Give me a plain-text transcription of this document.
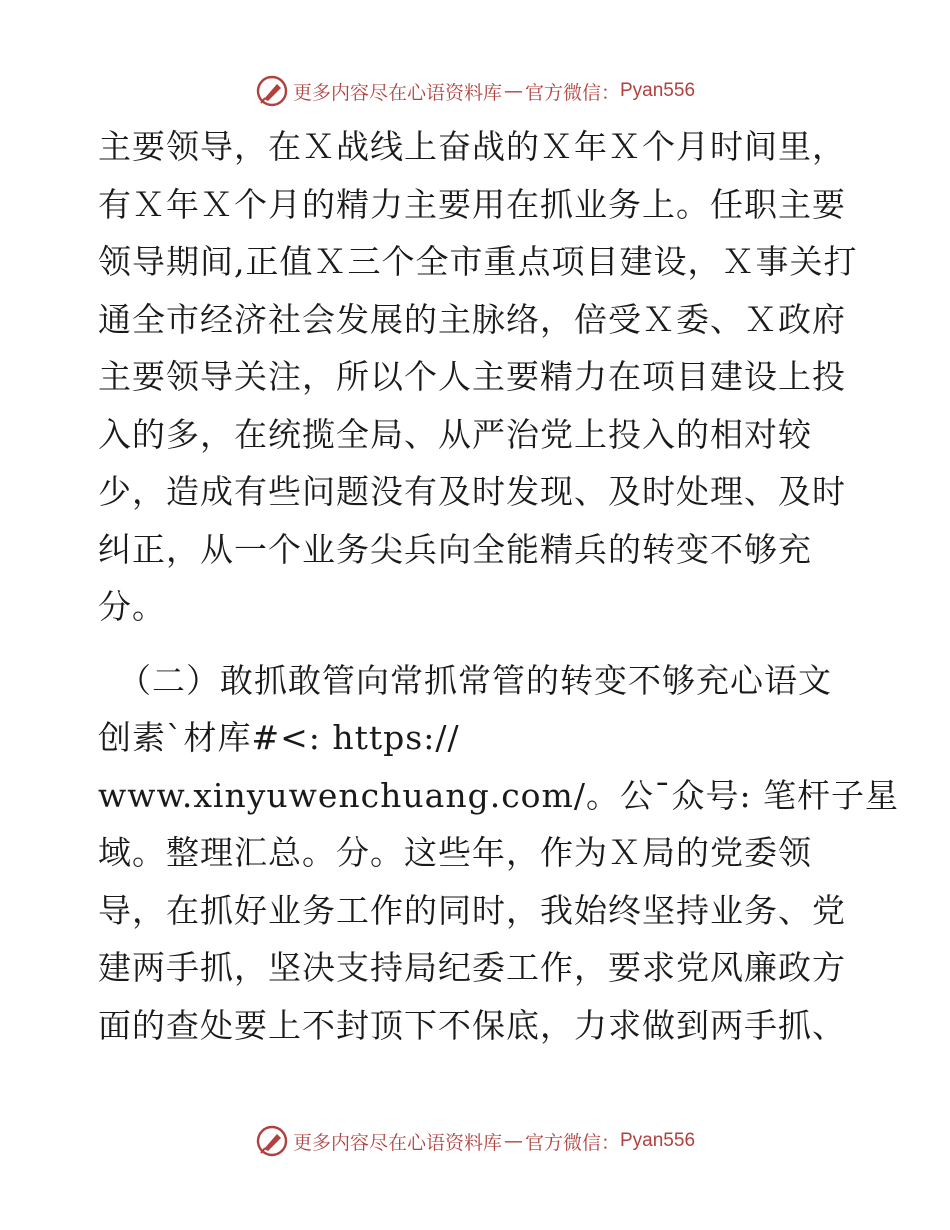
更多内容尽在心语资料库 — 官方微信： Pyan556
主要领导，在Ｘ战线上奋战的Ｘ年Ｘ个月时间里，
有Ｘ年Ｘ个月的精力主要用在抓业务上。任职主要
领导期间,正值Ｘ三个全市重点项目建设，Ｘ事关打
通全市经济社会发展的主脉络，倍受Ｘ委、Ｘ政府
主要领导关注，所以个人主要精力在项目建设上投
入的多，在统揽全局、从严治党上投入的相对较
少，造成有些问题没有及时发现、及时处理、及时
纠正，从一个业务尖兵向全能精兵的转变不够充
分。
（二）敢抓敢管向常抓常管的转变不够充心语文
创素`材库#<: https://
www.xinyuwenchuang.com/。公¯众号: 笔杆子星
域。整理汇总。分。这些年，作为Ｘ局的党委领
导，在抓好业务工作的同时，我始终坚持业务、党
建两手抓，坚决支持局纪委工作，要求党风廉政方
面的查处要上不封顶下不保底，力求做到两手抓、
更多内容尽在心语资料库 — 官方微信： Pyan556
